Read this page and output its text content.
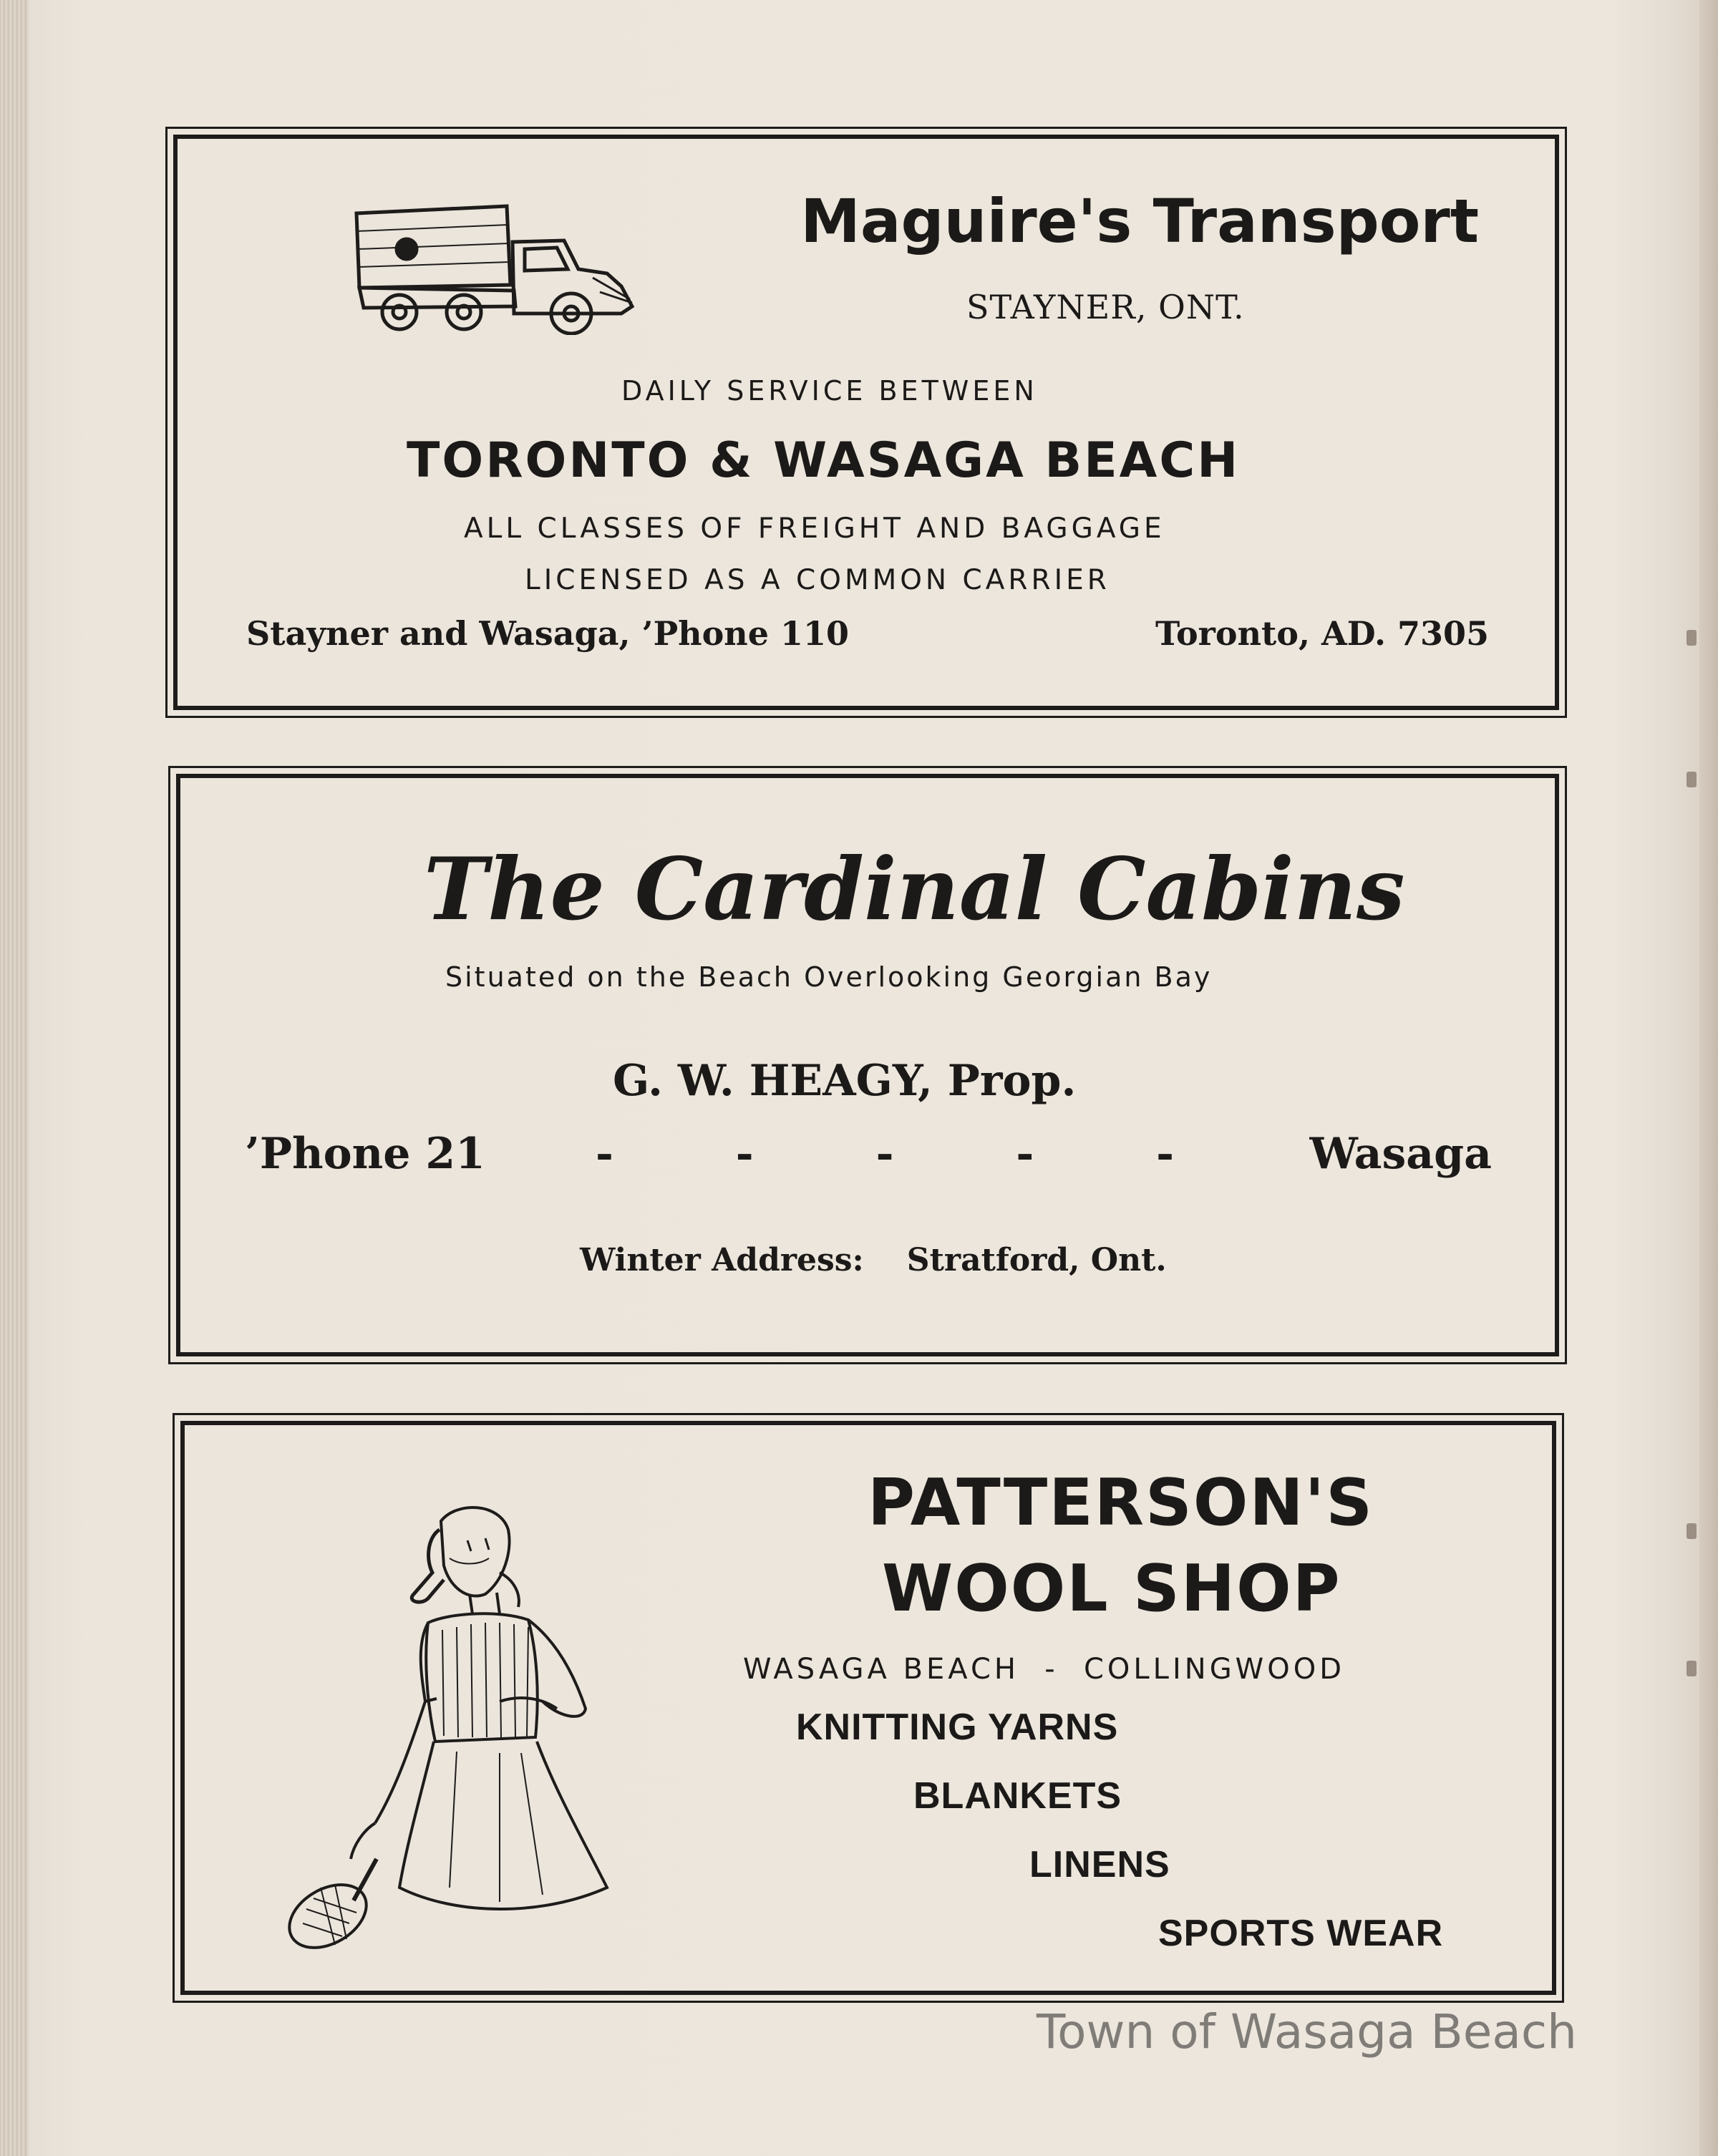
Maguire's Transport
STAYNER, ONT.
DAILY SERVICE BETWEEN
TORONTO & WASAGA BEACH
ALL CLASSES OF FREIGHT AND BAGGAGE
LICENSED AS A COMMON CARRIER
Stayner and Wasaga, ’Phone 110	Toronto, AD. 7305
The Cardinal Cabins
Situated on the Beach Overlooking Georgian Bay
G. W. HEAGY, Prop.
’Phone 21	- - - - -	Wasaga
Winter Address: Stratford, Ont.
PATTERSON'S
WOOL SHOP
WASAGA BEACH - COLLINGWOOD
KNITTING YARNS
BLANKETS
LINENS
SPORTS WEAR
Town of Wasaga Beach
